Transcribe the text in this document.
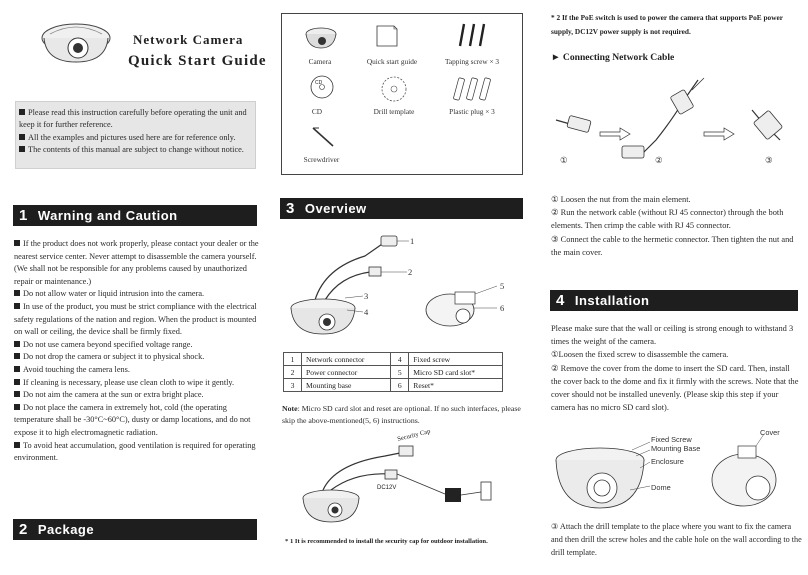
Network Camera
Quick Start Guide
Please read this instruction carefully before operating the unit and keep it for further reference.
All the examples and pictures used here are for reference only.
The contents of this manual are subject to change without notice.
1 Warning and Caution
If the product does not work properly, please contact your dealer or the nearest service center. Never attempt to disassemble the camera yourself. (We shall not be responsible for any problems caused by unauthorized repair or maintenance.)
Do not allow water or liquid intrusion into the camera.
In use of the product, you must be strict compliance with the electrical safety regulations of the nation and region. When the product is mounted on wall or ceiling, the device shall be firmly fixed.
Do not use camera beyond specified voltage range.
Do not drop the camera or subject it to physical shock.
Avoid touching the camera lens.
If cleaning is necessary, please use clean cloth to wipe it gently.
Do not aim the camera at the sun or extra bright place.
Do not place the camera in extremely hot, cold (the operating temperature shall be -30°C~60°C), dusty or damp locations, and do not expose it to high electromagnetic radiation.
To avoid heat accumulation, good ventilation is required for operating environment.
2 Package
Camera	Quick start guide	Tapping screw × 3
CD
CD	Drill template	Plastic plug × 3
Screwdriver
3 Overview
1
2
3
4
5
6
1	Network connector	4	Fixed screw
2	Power connector	5	Micro SD card slot*
3	Mounting base	6	Reset*
Note: Micro SD card slot and reset are optional. If no such interfaces, please skip the above-mentioned(5, 6) instructions.
Security Cap
DC12V
* 1 It is recommended to install the security cap for outdoor installation.
* 2 If the PoE switch is used to power the camera that supports PoE power supply, DC12V power supply is not required.
► Connecting Network Cable
①	②	③
① Loosen the nut from the main element.
② Run the network cable (without RJ 45 connector) through the both elements. Then crimp the cable with RJ 45 connector.
③ Connect the cable to the hermetic connector. Then tighten the nut and the main cover.
4 Installation
Please make sure that the wall or ceiling is strong enough to withstand 3 times the weight of the camera.
①Loosen the fixed screw to disassemble the camera.
② Remove the cover from the dome to insert the SD card. Then, install the cover back to the dome and fix it firmly with the screws. Note that the cover should not be installed unevenly. (Please skip this step if your camera has no micro SD card slot).
Fixed Screw
Mounting Base
Enclosure
Dome
Cover
③ Attach the drill template to the place where you want to fix the camera and then drill the screw holes and the cable hole on the wall according to the drill template.
